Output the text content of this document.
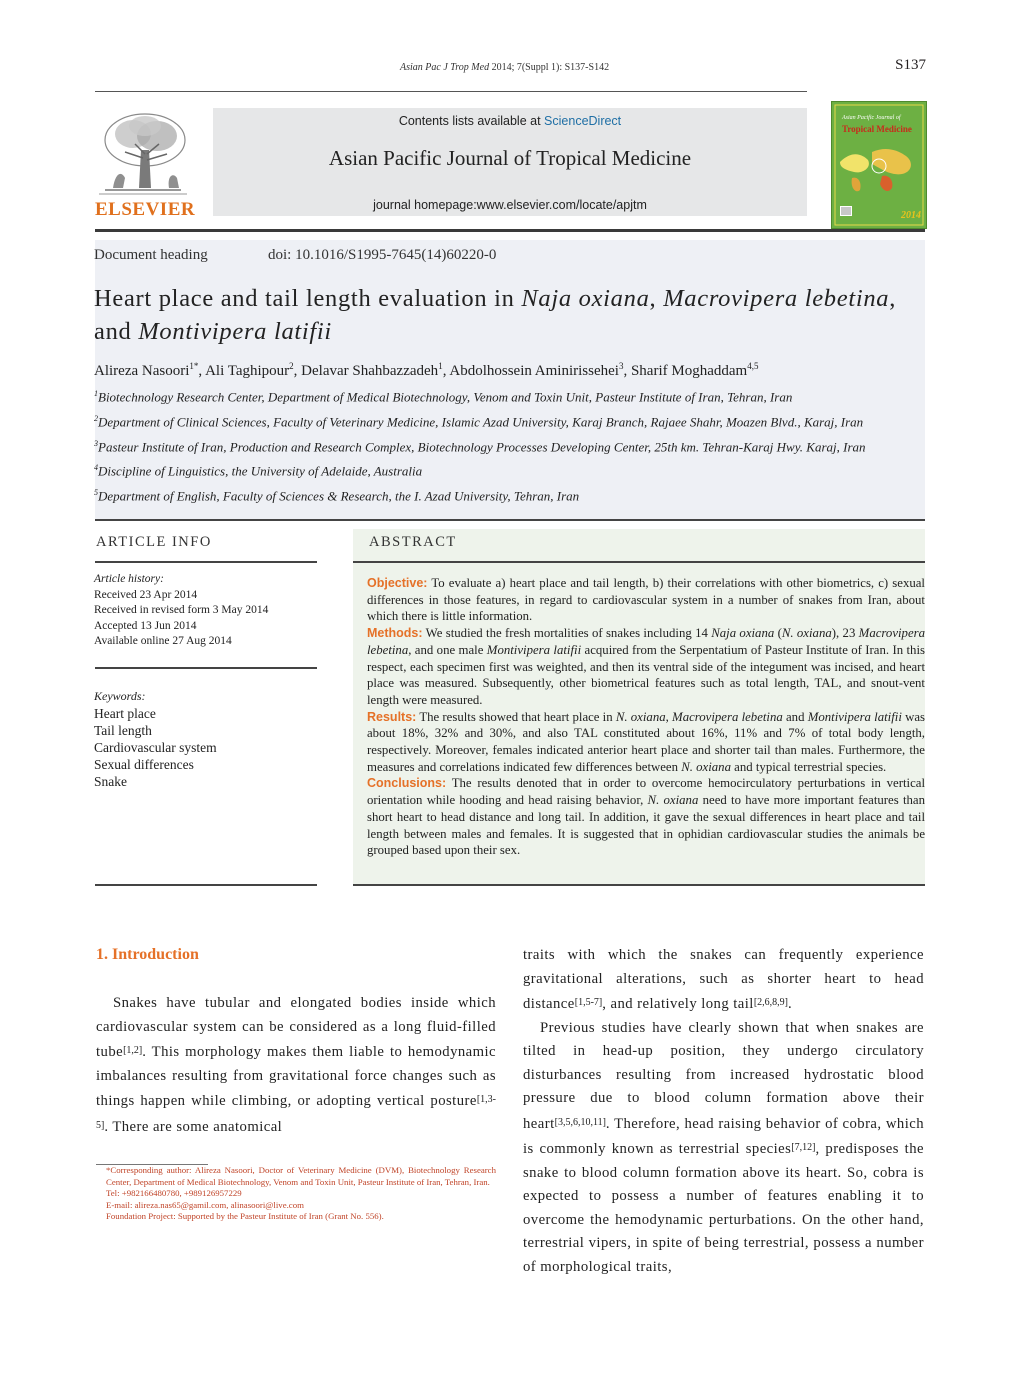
Asian Pac J Trop Med 2014; 7(Suppl 1): S137-S142	S137
ELSEVIER
Contents lists available at ScienceDirect
Asian Pacific Journal of Tropical Medicine
journal homepage:www.elsevier.com/locate/apjtm
Asian Pacific Journal of
Tropical Medicine
2014
Document heading	doi: 10.1016/S1995-7645(14)60220-0
Heart place and tail length evaluation in Naja oxiana, Macrovipera lebetina, and Montivipera latifii
Alireza Nasoori$^{1*}$, Ali Taghipour$^2$, Delavar Shahbazzadeh$^1$, Abdolhossein Aminirissehei$^3$, Sharif Moghaddam$^{4,5}$
$^1$Biotechnology Research Center, Department of Medical Biotechnology, Venom and Toxin Unit, Pasteur Institute of Iran, Tehran, Iran
$^2$Department of Clinical Sciences, Faculty of Veterinary Medicine, Islamic Azad University, Karaj Branch, Rajaee Shahr, Moazen Blvd., Karaj, Iran
$^3$Pasteur Institute of Iran, Production and Research Complex, Biotechnology Processes Developing Center, 25th km. Tehran-Karaj Hwy. Karaj, Iran
$^4$Discipline of Linguistics, the University of Adelaide, Australia
$^5$Department of English, Faculty of Sciences & Research, the I. Azad University, Tehran, Iran
ARTICLE INFO
Article history:
Received 23 Apr 2014
Received in revised form 3 May 2014
Accepted 13 Jun 2014
Available online 27 Aug 2014
Keywords:
Heart place
Tail length
Cardiovascular system
Sexual differences
Snake
ABSTRACT
Objective: To evaluate a) heart place and tail length, b) their correlations with other biometrics, c) sexual differences in those features, in regard to cardiovascular system in a number of snakes from Iran, about which there is little information.
Methods: We studied the fresh mortalities of snakes including 14 Naja oxiana (N. oxiana), 23 Macrovipera lebetina, and one male Montivipera latifii acquired from the Serpentatium of Pasteur Institute of Iran. In this respect, each specimen first was weighted, and then its ventral side of the integument was incised, and heart place was measured. Subsequently, other biometrical features such as total length, TAL, and snout-vent length were measured.
Results: The results showed that heart place in N. oxiana, Macrovipera lebetina and Montivipera latifii was about 18%, 32% and 30%, and also TAL constituted about 16%, 11% and 7% of total body length, respectively. Moreover, females indicated anterior heart place and shorter tail than males. Furthermore, the measures and correlations indicated few differences between N. oxiana and typical terrestrial species.
Conclusions: The results denoted that in order to overcome hemocirculatory perturbations in vertical orientation while hooding and head raising behavior, N. oxiana need to have more important features than short heart to head distance and long tail. In addition, it gave the sexual differences in heart place and tail length between males and females. It is suggested that in ophidian cardiovascular studies the animals be grouped based upon their sex.
1. Introduction

Snakes have tubular and elongated bodies inside which cardiovascular system can be considered as a long fluid-filled tube[1,2]. This morphology makes them liable to hemodynamic imbalances resulting from gravitational force changes such as things happen while climbing, or adopting vertical posture[1,3-5]. There are some anatomical

traits with which the snakes can frequently experience gravitational alterations, such as shorter heart to head distance[1,5-7], and relatively long tail[2,6,8,9].

Previous studies have clearly shown that when snakes are tilted in head-up position, they undergo circulatory disturbances resulting from increased hydrostatic blood pressure due to blood column formation above their heart[3,5,6,10,11]. Therefore, head raising behavior of cobra, which is commonly known as terrestrial species[7,12], predisposes the snake to blood column formation above its heart. So, cobra is expected to possess a number of features enabling it to overcome the hemodynamic perturbations. On the other hand, terrestrial vipers, in spite of being terrestrial, possess a number of morphological traits,

*Corresponding author: Alireza Nasoori, Doctor of Veterinary Medicine (DVM), Biotechnology Research Center, Department of Medical Biotechnology, Venom and Toxin Unit, Pasteur Institute of Iran, Tehran, Iran.

Tel: +982166480780, +989126957229

E-mail: alireza.nas65@gamil.com, alinasoori@live.com

Foundation Project: Supported by the Pasteur Institute of Iran (Grant No. 556).
